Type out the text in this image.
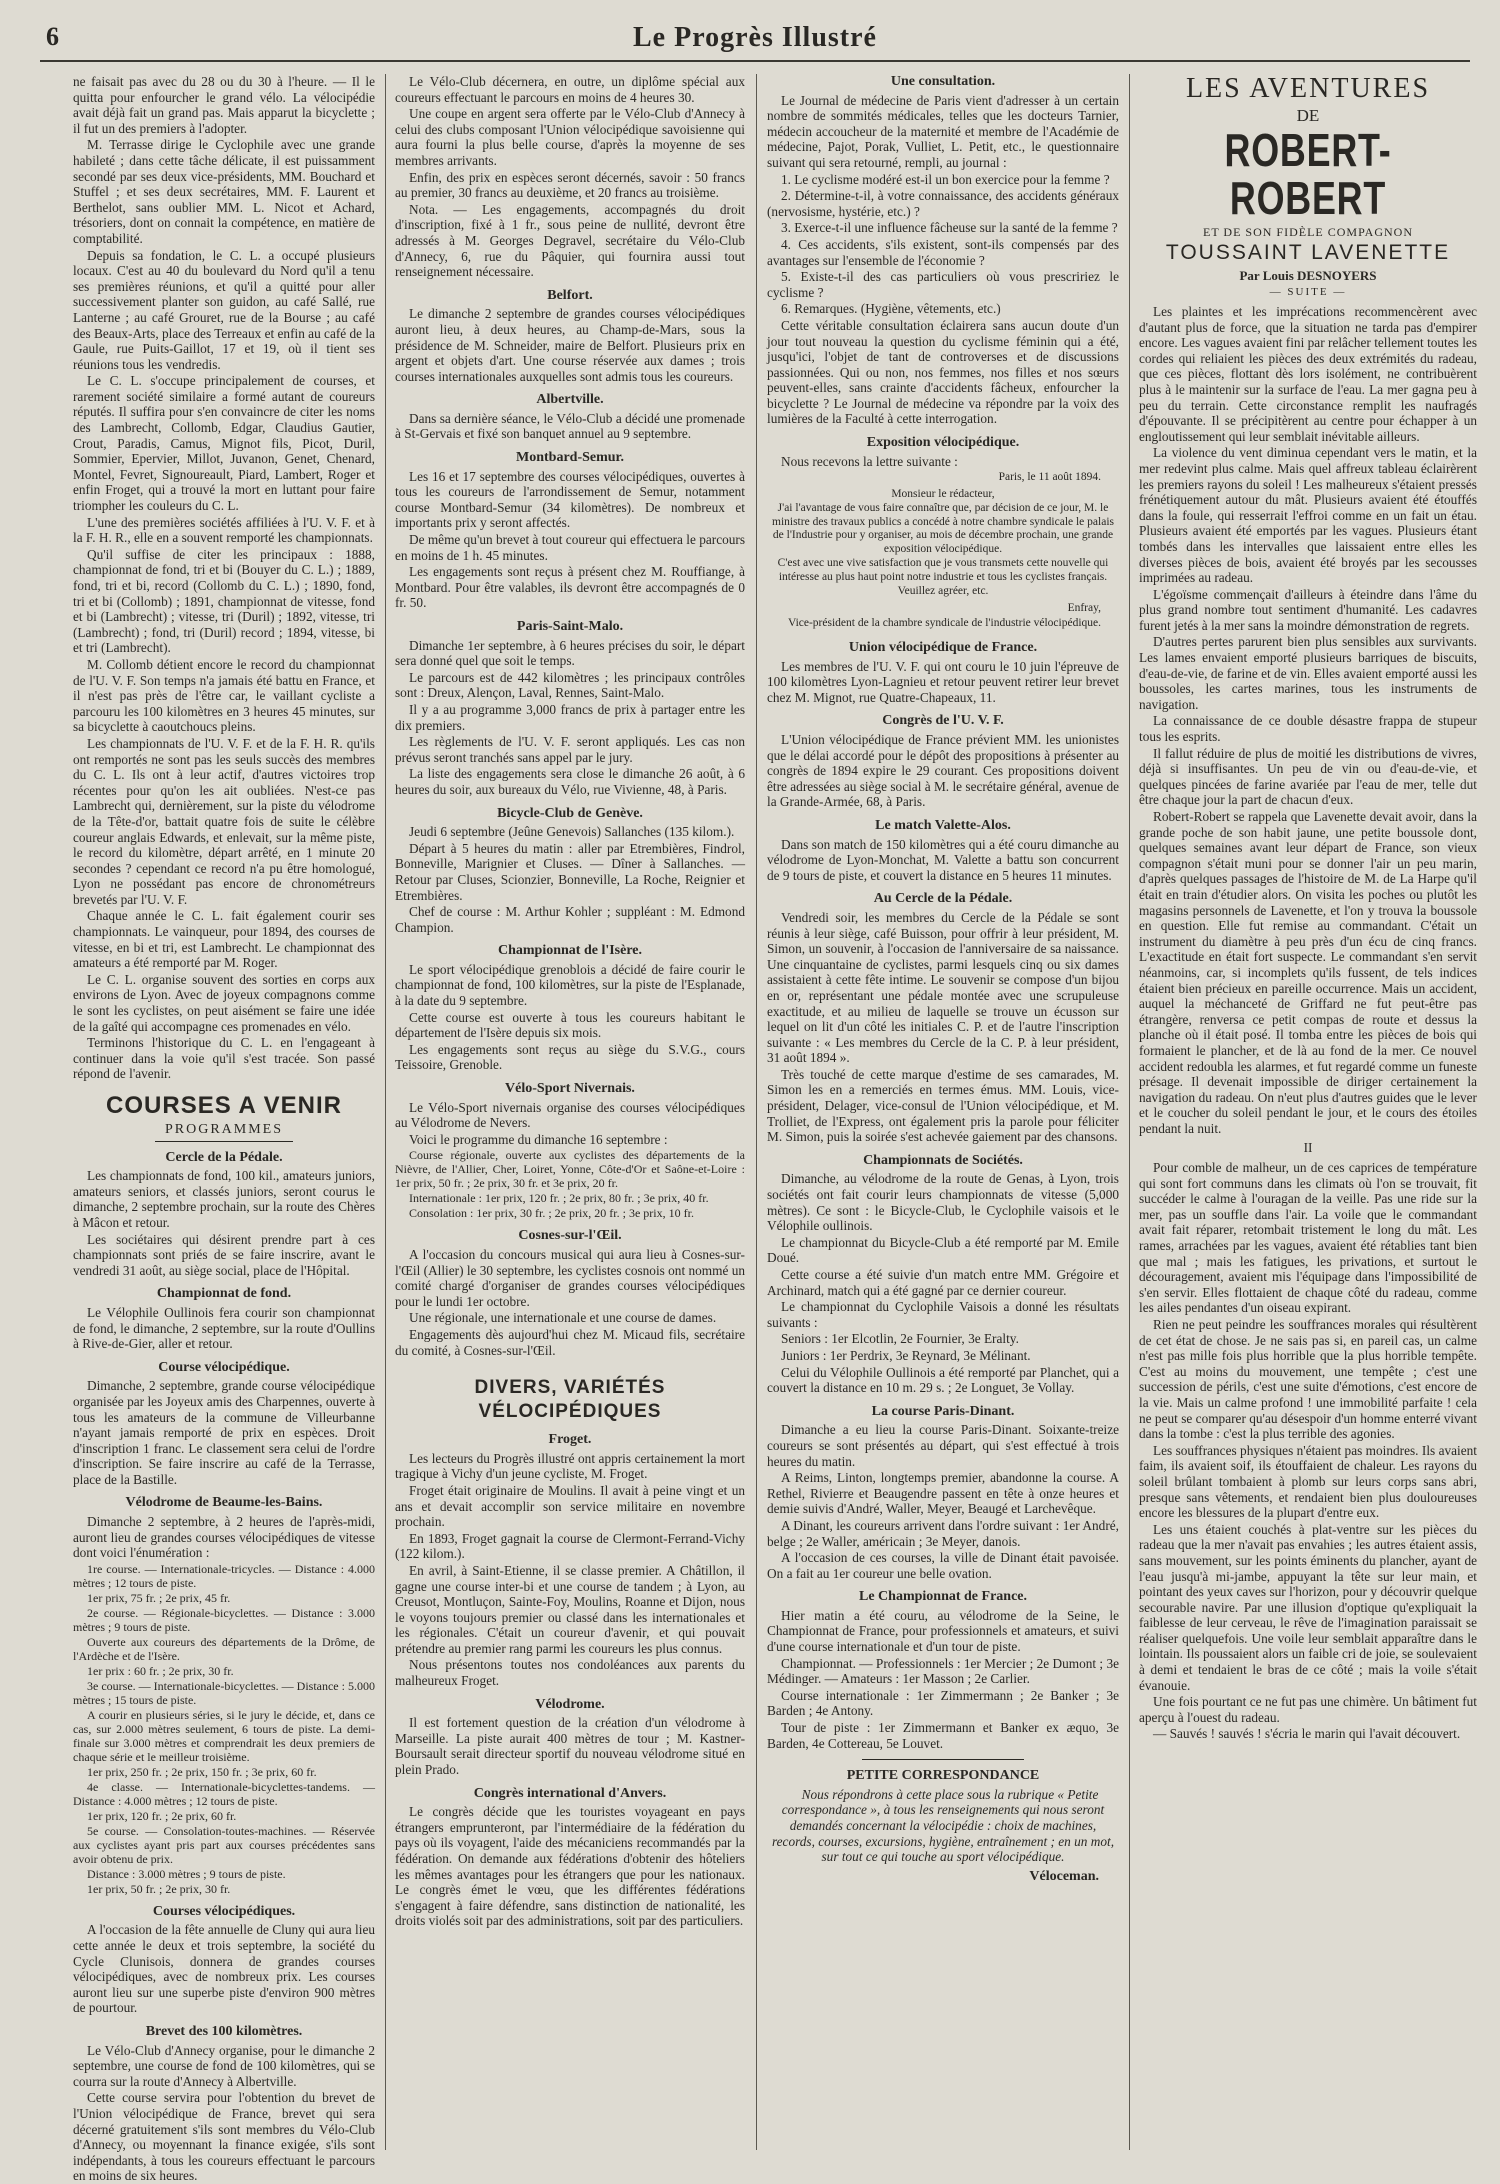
6	Le Progrès Illustré

ne faisait pas avec du 28 ou du 30 à l'heure. — Il le quitta pour enfourcher le grand vélo. La vélocipédie avait déjà fait un grand pas. Mais apparut la bicyclette ; il fut un des premiers à l'adopter.

M. Terrasse dirige le Cyclophile avec une grande habileté ; dans cette tâche délicate, il est puissamment secondé par ses deux vice-présidents, MM. Bouchard et Stuffel ; et ses deux secrétaires, MM. F. Laurent et Berthelot, sans oublier MM. L. Nicot et Achard, trésoriers, dont on connait la compétence, en matière de comptabilité.

Depuis sa fondation, le C. L. a occupé plusieurs locaux. C'est au 40 du boulevard du Nord qu'il a tenu ses premières réunions, et qu'il a quitté pour aller successivement planter son guidon, au café Sallé, rue Lanterne ; au café Grouret, rue de la Bourse ; au café des Beaux-Arts, place des Terreaux et enfin au café de la Gaule, rue Puits-Gaillot, 17 et 19, où il tient ses réunions tous les vendredis.

Le C. L. s'occupe principalement de courses, et rarement société similaire a formé autant de coureurs réputés. Il suffira pour s'en convaincre de citer les noms des Lambrecht, Collomb, Edgar, Claudius Gautier, Crout, Paradis, Camus, Mignot fils, Picot, Duril, Sommier, Epervier, Millot, Juvanon, Genet, Chenard, Montel, Fevret, Signoureault, Piard, Lambert, Roger et enfin Froget, qui a trouvé la mort en luttant pour faire triompher les couleurs du C. L.

L'une des premières sociétés affiliées à l'U. V. F. et à la F. H. R., elle en a souvent remporté les championnats.

Qu'il suffise de citer les principaux : 1888, championnat de fond, tri et bi (Bouyer du C. L.) ; 1889, fond, tri et bi, record (Collomb du C. L.) ; 1890, fond, tri et bi (Collomb) ; 1891, championnat de vitesse, fond et bi (Lambrecht) ; vitesse, tri (Duril) ; 1892, vitesse, tri (Lambrecht) ; fond, tri (Duril) record ; 1894, vitesse, bi et tri (Lambrecht).

M. Collomb détient encore le record du championnat de l'U. V. F. Son temps n'a jamais été battu en France, et il n'est pas près de l'être car, le vaillant cycliste a parcouru les 100 kilomètres en 3 heures 45 minutes, sur sa bicyclette à caoutchoucs pleins.

Les championnats de l'U. V. F. et de la F. H. R. qu'ils ont remportés ne sont pas les seuls succès des membres du C. L. Ils ont à leur actif, d'autres victoires trop récentes pour qu'on les ait oubliées. N'est-ce pas Lambrecht qui, dernièrement, sur la piste du vélodrome de la Tête-d'or, battait quatre fois de suite le célèbre coureur anglais Edwards, et enlevait, sur la même piste, le record du kilomètre, départ arrêté, en 1 minute 20 secondes ? cependant ce record n'a pu être homologué, Lyon ne possédant pas encore de chronométreurs brevetés par l'U. V. F.

Chaque année le C. L. fait également courir ses championnats. Le vainqueur, pour 1894, des courses de vitesse, en bi et tri, est Lambrecht. Le championnat des amateurs a été remporté par M. Roger.

Le C. L. organise souvent des sorties en corps aux environs de Lyon. Avec de joyeux compagnons comme le sont les cyclistes, on peut aisément se faire une idée de la gaîté qui accompagne ces promenades en vélo.

Terminons l'historique du C. L. en l'engageant à continuer dans la voie qu'il s'est tracée. Son passé répond de l'avenir.

COURSES A VENIR
PROGRAMMES
Cercle de la Pédale.

Les championnats de fond, 100 kil., amateurs juniors, amateurs seniors, et classés juniors, seront courus le dimanche, 2 septembre prochain, sur la route des Chères à Mâcon et retour.

Les sociétaires qui désirent prendre part à ces championnats sont priés de se faire inscrire, avant le vendredi 31 août, au siège social, place de l'Hôpital.

Championnat de fond.

Le Vélophile Oullinois fera courir son championnat de fond, le dimanche, 2 septembre, sur la route d'Oullins à Rive-de-Gier, aller et retour.

Course vélocipédique.

Dimanche, 2 septembre, grande course vélocipédique organisée par les Joyeux amis des Charpennes, ouverte à tous les amateurs de la commune de Villeurbanne n'ayant jamais remporté de prix en espèces. Droit d'inscription 1 franc. Le classement sera celui de l'ordre d'inscription. Se faire inscrire au café de la Terrasse, place de la Bastille.

Vélodrome de Beaume-les-Bains.

Dimanche 2 septembre, à 2 heures de l'après-midi, auront lieu de grandes courses vélocipédiques de vitesse dont voici l'énumération :

1re course. — Internationale-tricycles. — Distance : 4.000 mètres ; 12 tours de piste.

1er prix, 75 fr. ; 2e prix, 45 fr.

2e course. — Régionale-bicyclettes. — Distance : 3.000 mètres ; 9 tours de piste.

Ouverte aux coureurs des départements de la Drôme, de l'Ardèche et de l'Isère.

1er prix : 60 fr. ; 2e prix, 30 fr.

3e course. — Internationale-bicyclettes. — Distance : 5.000 mètres ; 15 tours de piste.

A courir en plusieurs séries, si le jury le décide, et, dans ce cas, sur 2.000 mètres seulement, 6 tours de piste. La demi-finale sur 3.000 mètres et comprendrait les deux premiers de chaque série et le meilleur troisième.

1er prix, 250 fr. ; 2e prix, 150 fr. ; 3e prix, 60 fr.

4e classe. — Internationale-bicyclettes-tandems. — Distance : 4.000 mètres ; 12 tours de piste.

1er prix, 120 fr. ; 2e prix, 60 fr.

5e course. — Consolation-toutes-machines. — Réservée aux cyclistes ayant pris part aux courses précédentes sans avoir obtenu de prix.

Distance : 3.000 mètres ; 9 tours de piste.

1er prix, 50 fr. ; 2e prix, 30 fr.

Courses vélocipédiques.

A l'occasion de la fête annuelle de Cluny qui aura lieu cette année le deux et trois septembre, la société du Cycle Clunisois, donnera de grandes courses vélocipédiques, avec de nombreux prix. Les courses auront lieu sur une superbe piste d'environ 900 mètres de pourtour.

Brevet des 100 kilomètres.

Le Vélo-Club d'Annecy organise, pour le dimanche 2 septembre, une course de fond de 100 kilomètres, qui se courra sur la route d'Annecy à Albertville.

Cette course servira pour l'obtention du brevet de l'Union vélocipédique de France, brevet qui sera décerné gratuitement s'ils sont membres du Vélo-Club d'Annecy, ou moyennant la finance exigée, s'ils sont indépendants, à tous les coureurs effectuant le parcours en moins de six heures.

Le Vélo-Club décernera, en outre, un diplôme spécial aux coureurs effectuant le parcours en moins de 4 heures 30.

Une coupe en argent sera offerte par le Vélo-Club d'Annecy à celui des clubs composant l'Union vélocipédique savoisienne qui aura fourni la plus belle course, d'après la moyenne de ses membres arrivants.

Enfin, des prix en espèces seront décernés, savoir : 50 francs au premier, 30 francs au deuxième, et 20 francs au troisième.

Nota. — Les engagements, accompagnés du droit d'inscription, fixé à 1 fr., sous peine de nullité, devront être adressés à M. Georges Degravel, secrétaire du Vélo-Club d'Annecy, 6, rue du Pâquier, qui fournira aussi tout renseignement nécessaire.

Belfort.

Le dimanche 2 septembre de grandes courses vélocipédiques auront lieu, à deux heures, au Champ-de-Mars, sous la présidence de M. Schneider, maire de Belfort. Plusieurs prix en argent et objets d'art. Une course réservée aux dames ; trois courses internationales auxquelles sont admis tous les coureurs.

Albertville.

Dans sa dernière séance, le Vélo-Club a décidé une promenade à St-Gervais et fixé son banquet annuel au 9 septembre.

Montbard-Semur.

Les 16 et 17 septembre des courses vélocipédiques, ouvertes à tous les coureurs de l'arrondissement de Semur, notamment course Montbard-Semur (34 kilomètres). De nombreux et importants prix y seront affectés.

De même qu'un brevet à tout coureur qui effectuera le parcours en moins de 1 h. 45 minutes.

Les engagements sont reçus à présent chez M. Rouffiange, à Montbard. Pour être valables, ils devront être accompagnés de 0 fr. 50.

Paris-Saint-Malo.

Dimanche 1er septembre, à 6 heures précises du soir, le départ sera donné quel que soit le temps.

Le parcours est de 442 kilomètres ; les principaux contrôles sont : Dreux, Alençon, Laval, Rennes, Saint-Malo.

Il y a au programme 3,000 francs de prix à partager entre les dix premiers.

Les règlements de l'U. V. F. seront appliqués. Les cas non prévus seront tranchés sans appel par le jury.

La liste des engagements sera close le dimanche 26 août, à 6 heures du soir, aux bureaux du Vélo, rue Vivienne, 48, à Paris.

Bicycle-Club de Genève.

Jeudi 6 septembre (Jeûne Genevois) Sallanches (135 kilom.).

Départ à 5 heures du matin : aller par Etrembières, Findrol, Bonneville, Marignier et Cluses. — Dîner à Sallanches. — Retour par Cluses, Scionzier, Bonneville, La Roche, Reignier et Etrembières.

Chef de course : M. Arthur Kohler ; suppléant : M. Edmond Champion.

Championnat de l'Isère.

Le sport vélocipédique grenoblois a décidé de faire courir le championnat de fond, 100 kilomètres, sur la piste de l'Esplanade, à la date du 9 septembre.

Cette course est ouverte à tous les coureurs habitant le département de l'Isère depuis six mois.

Les engagements sont reçus au siège du S.V.G., cours Teissoire, Grenoble.

Vélo-Sport Nivernais.

Le Vélo-Sport nivernais organise des courses vélocipédiques au Vélodrome de Nevers.

Voici le programme du dimanche 16 septembre :

Course régionale, ouverte aux cyclistes des départements de la Nièvre, de l'Allier, Cher, Loiret, Yonne, Côte-d'Or et Saône-et-Loire : 1er prix, 50 fr. ; 2e prix, 30 fr. et 3e prix, 20 fr.

Internationale : 1er prix, 120 fr. ; 2e prix, 80 fr. ; 3e prix, 40 fr.

Consolation : 1er prix, 30 fr. ; 2e prix, 20 fr. ; 3e prix, 10 fr.

Cosnes-sur-l'Œil.

A l'occasion du concours musical qui aura lieu à Cosnes-sur-l'Œil (Allier) le 30 septembre, les cyclistes cosnois ont nommé un comité chargé d'organiser de grandes courses vélocipédiques pour le lundi 1er octobre.

Une régionale, une internationale et une course de dames.

Engagements dès aujourd'hui chez M. Micaud fils, secrétaire du comité, à Cosnes-sur-l'Œil.

DIVERS, VARIÉTÉS VÉLOCIPÉDIQUES
Froget.

Les lecteurs du Progrès illustré ont appris certainement la mort tragique à Vichy d'un jeune cycliste, M. Froget.

Froget était originaire de Moulins. Il avait à peine vingt et un ans et devait accomplir son service militaire en novembre prochain.

En 1893, Froget gagnait la course de Clermont-Ferrand-Vichy (122 kilom.).

En avril, à Saint-Etienne, il se classe premier. A Châtillon, il gagne une course inter-bi et une course de tandem ; à Lyon, au Creusot, Montluçon, Sainte-Foy, Moulins, Roanne et Dijon, nous le voyons toujours premier ou classé dans les internationales et les régionales. C'était un coureur d'avenir, et qui pouvait prétendre au premier rang parmi les coureurs les plus connus.

Nous présentons toutes nos condoléances aux parents du malheureux Froget.

Vélodrome.

Il est fortement question de la création d'un vélodrome à Marseille. La piste aurait 400 mètres de tour ; M. Kastner-Boursault serait directeur sportif du nouveau vélodrome situé en plein Prado.

Congrès international d'Anvers.

Le congrès décide que les touristes voyageant en pays étrangers emprunteront, par l'intermédiaire de la fédération du pays où ils voyagent, l'aide des mécaniciens recommandés par la fédération. On demande aux fédérations d'obtenir des hôteliers les mêmes avantages pour les étrangers que pour les nationaux. Le congrès émet le vœu, que les différentes fédérations s'engagent à faire défendre, sans distinction de nationalité, les droits violés soit par des administrations, soit par des particuliers.

Une consultation.

Le Journal de médecine de Paris vient d'adresser à un certain nombre de sommités médicales, telles que les docteurs Tarnier, médecin accoucheur de la maternité et membre de l'Académie de médecine, Pajot, Porak, Vulliet, L. Petit, etc., le questionnaire suivant qui sera retourné, rempli, au journal :

1. Le cyclisme modéré est-il un bon exercice pour la femme ?

2. Détermine-t-il, à votre connaissance, des accidents généraux (nervosisme, hystérie, etc.) ?

3. Exerce-t-il une influence fâcheuse sur la santé de la femme ?

4. Ces accidents, s'ils existent, sont-ils compensés par des avantages sur l'ensemble de l'économie ?

5. Existe-t-il des cas particuliers où vous prescririez le cyclisme ?

6. Remarques. (Hygiène, vêtements, etc.)

Cette véritable consultation éclairera sans aucun doute d'un jour tout nouveau la question du cyclisme féminin qui a été, jusqu'ici, l'objet de tant de controverses et de discussions passionnées. Qui ou non, nos femmes, nos filles et nos sœurs peuvent-elles, sans crainte d'accidents fâcheux, enfourcher la bicyclette ? Le Journal de médecine va répondre par la voix des lumières de la Faculté à cette interrogation.

Exposition vélocipédique.

Nous recevons la lettre suivante :

Paris, le 11 août 1894.

Monsieur le rédacteur,

J'ai l'avantage de vous faire connaître que, par décision de ce jour, M. le ministre des travaux publics a concédé à notre chambre syndicale le palais de l'Industrie pour y organiser, au mois de décembre prochain, une grande exposition vélocipédique.

C'est avec une vive satisfaction que je vous transmets cette nouvelle qui intéresse au plus haut point notre industrie et tous les cyclistes français.

Veuillez agréer, etc.

Enfray,
Vice-président de la chambre syndicale de l'industrie vélocipédique.
Union vélocipédique de France.

Les membres de l'U. V. F. qui ont couru le 10 juin l'épreuve de 100 kilomètres Lyon-Lagnieu et retour peuvent retirer leur brevet chez M. Mignot, rue Quatre-Chapeaux, 11.

Congrès de l'U. V. F.

L'Union vélocipédique de France prévient MM. les unionistes que le délai accordé pour le dépôt des propositions à présenter au congrès de 1894 expire le 29 courant. Ces propositions doivent être adressées au siège social à M. le secrétaire général, avenue de la Grande-Armée, 68, à Paris.

Le match Valette-Alos.

Dans son match de 150 kilomètres qui a été couru dimanche au vélodrome de Lyon-Monchat, M. Valette a battu son concurrent de 9 tours de piste, et couvert la distance en 5 heures 11 minutes.

Au Cercle de la Pédale.

Vendredi soir, les membres du Cercle de la Pédale se sont réunis à leur siège, café Buisson, pour offrir à leur président, M. Simon, un souvenir, à l'occasion de l'anniversaire de sa naissance. Une cinquantaine de cyclistes, parmi lesquels cinq ou six dames assistaient à cette fête intime. Le souvenir se compose d'un bijou en or, représentant une pédale montée avec une scrupuleuse exactitude, et au milieu de laquelle se trouve un écusson sur lequel on lit d'un côté les initiales C. P. et de l'autre l'inscription suivante : « Les membres du Cercle de la C. P. à leur président, 31 août 1894 ».

Très touché de cette marque d'estime de ses camarades, M. Simon les en a remerciés en termes émus. MM. Louis, vice-président, Delager, vice-consul de l'Union vélocipédique, et M. Trolliet, de l'Express, ont également pris la parole pour féliciter M. Simon, puis la soirée s'est achevée gaiement par des chansons.

Championnats de Sociétés.

Dimanche, au vélodrome de la route de Genas, à Lyon, trois sociétés ont fait courir leurs championnats de vitesse (5,000 mètres). Ce sont : le Bicycle-Club, le Cyclophile vaisois et le Vélophile oullinois.

Le championnat du Bicycle-Club a été remporté par M. Emile Doué.

Cette course a été suivie d'un match entre MM. Grégoire et Archinard, match qui a été gagné par ce dernier coureur.

Le championnat du Cyclophile Vaisois a donné les résultats suivants :

Seniors : 1er Elcotlin, 2e Fournier, 3e Eralty.

Juniors : 1er Perdrix, 3e Reynard, 3e Mélinant.

Celui du Vélophile Oullinois a été remporté par Planchet, qui a couvert la distance en 10 m. 29 s. ; 2e Longuet, 3e Vollay.

La course Paris-Dinant.

Dimanche a eu lieu la course Paris-Dinant. Soixante-treize coureurs se sont présentés au départ, qui s'est effectué à trois heures du matin.

A Reims, Linton, longtemps premier, abandonne la course. A Rethel, Rivierre et Beaugendre passent en tête à onze heures et demie suivis d'André, Waller, Meyer, Beaugé et Larchevêque.

A Dinant, les coureurs arrivent dans l'ordre suivant : 1er André, belge ; 2e Waller, américain ; 3e Meyer, danois.

A l'occasion de ces courses, la ville de Dinant était pavoisée. On a fait au 1er coureur une belle ovation.

Le Championnat de France.

Hier matin a été couru, au vélodrome de la Seine, le Championnat de France, pour professionnels et amateurs, et suivi d'une course internationale et d'un tour de piste.

Championnat. — Professionnels : 1er Mercier ; 2e Dumont ; 3e Médinger. — Amateurs : 1er Masson ; 2e Carlier.

Course internationale : 1er Zimmermann ; 2e Banker ; 3e Barden ; 4e Antony.

Tour de piste : 1er Zimmermann et Banker ex æquo, 3e Barden, 4e Cottereau, 5e Louvet.

PETITE CORRESPONDANCE

Nous répondrons à cette place sous la rubrique « Petite correspondance », à tous les renseignements qui nous seront demandés concernant la vélocipédie : choix de machines, records, courses, excursions, hygiène, entraînement ; en un mot, sur tout ce qui touche au sport vélocipédique.

Véloceman.
LES AVENTURES
DE
ROBERT-ROBERT
ET DE SON FIDÈLE COMPAGNON
TOUSSAINT LAVENETTE
Par Louis DESNOYERS
— SUITE —

Les plaintes et les imprécations recommencèrent avec d'autant plus de force, que la situation ne tarda pas d'empirer encore. Les vagues avaient fini par relâcher tellement toutes les cordes qui reliaient les pièces des deux extrémités du radeau, que ces pièces, flottant dès lors isolément, ne contribuèrent plus à le maintenir sur la surface de l'eau. La mer gagna peu à peu du terrain. Cette circonstance remplit les naufragés d'épouvante. Il se précipitèrent au centre pour échapper à un engloutissement qui leur semblait inévitable ailleurs.

La violence du vent diminua cependant vers le matin, et la mer redevint plus calme. Mais quel affreux tableau éclairèrent les premiers rayons du soleil ! Les malheureux s'étaient pressés frénétiquement autour du mât. Plusieurs avaient été étouffés dans la foule, qui resserrait l'effroi comme en un fait un étau. Plusieurs avaient été emportés par les vagues. Plusieurs étant tombés dans les intervalles que laissaient entre elles les diverses pièces de bois, avaient été broyés par les secousses imprimées au radeau.

L'égoïsme commençait d'ailleurs à éteindre dans l'âme du plus grand nombre tout sentiment d'humanité. Les cadavres furent jetés à la mer sans la moindre démonstration de regrets.

D'autres pertes parurent bien plus sensibles aux survivants. Les lames envaient emporté plusieurs barriques de biscuits, d'eau-de-vie, de farine et de vin. Elles avaient emporté aussi les boussoles, les cartes marines, tous les instruments de navigation.

La connaissance de ce double désastre frappa de stupeur tous les esprits.

Il fallut réduire de plus de moitié les distributions de vivres, déjà si insuffisantes. Un peu de vin ou d'eau-de-vie, et quelques pincées de farine avariée par l'eau de mer, telle dut être chaque jour la part de chacun d'eux.

Robert-Robert se rappela que Lavenette devait avoir, dans la grande poche de son habit jaune, une petite boussole dont, quelques semaines avant leur départ de France, son vieux compagnon s'était muni pour se donner l'air un peu marin, d'après quelques passages de l'histoire de M. de La Harpe qu'il était en train d'étudier alors. On visita les poches ou plutôt les magasins personnels de Lavenette, et l'on y trouva la boussole en question. Elle fut remise au commandant. C'était un instrument du diamètre à peu près d'un écu de cinq francs. L'exactitude en était fort suspecte. Le commandant s'en servit néanmoins, car, si incomplets qu'ils fussent, de tels indices étaient bien précieux en pareille occurrence. Mais un accident, auquel la méchanceté de Griffard ne fut peut-être pas étrangère, renversa ce petit compas de route et dessus la planche où il était posé. Il tomba entre les pièces de bois qui formaient le plancher, et de là au fond de la mer. Ce nouvel accident redoubla les alarmes, et fut regardé comme un funeste présage. Il devenait impossible de diriger certainement la navigation du radeau. On n'eut plus d'autres guides que le lever et le coucher du soleil pendant le jour, et le cours des étoiles pendant la nuit.

II

Pour comble de malheur, un de ces caprices de température qui sont fort communs dans les climats où l'on se trouvait, fit succéder le calme à l'ouragan de la veille. Pas une ride sur la mer, pas un souffle dans l'air. La voile que le commandant avait fait réparer, retombait tristement le long du mât. Les rames, arrachées par les vagues, avaient été rétablies tant bien que mal ; mais les fatigues, les privations, et surtout le découragement, avaient mis l'équipage dans l'impossibilité de s'en servir. Elles flottaient de chaque côté du radeau, comme les ailes pendantes d'un oiseau expirant.

Rien ne peut peindre les souffrances morales qui résultèrent de cet état de chose. Je ne sais pas si, en pareil cas, un calme n'est pas mille fois plus horrible que la plus horrible tempête. C'est au moins du mouvement, une tempête ; c'est une succession de périls, c'est une suite d'émotions, c'est encore de la vie. Mais un calme profond ! une immobilité parfaite ! cela ne peut se comparer qu'au désespoir d'un homme enterré vivant dans la tombe : c'est la plus terrible des agonies.

Les souffrances physiques n'étaient pas moindres. Ils avaient faim, ils avaient soif, ils étouffaient de chaleur. Les rayons du soleil brûlant tombaient à plomb sur leurs corps sans abri, presque sans vêtements, et rendaient bien plus douloureuses encore les blessures de la plupart d'entre eux.

Les uns étaient couchés à plat-ventre sur les pièces du radeau que la mer n'avait pas envahies ; les autres étaient assis, sans mouvement, sur les points éminents du plancher, ayant de l'eau jusqu'à mi-jambe, appuyant la tête sur leur main, et pointant des yeux caves sur l'horizon, pour y découvrir quelque secourable navire. Par une illusion d'optique qu'expliquait la faiblesse de leur cerveau, le rêve de l'imagination paraissait se réaliser quelquefois. Une voile leur semblait apparaître dans le lointain. Ils poussaient alors un faible cri de joie, se soulevaient à demi et tendaient le bras de ce côté ; mais la voile s'était évanouie.

Une fois pourtant ce ne fut pas une chimère. Un bâtiment fut aperçu à l'ouest du radeau.

— Sauvés ! sauvés ! s'écria le marin qui l'avait découvert.
